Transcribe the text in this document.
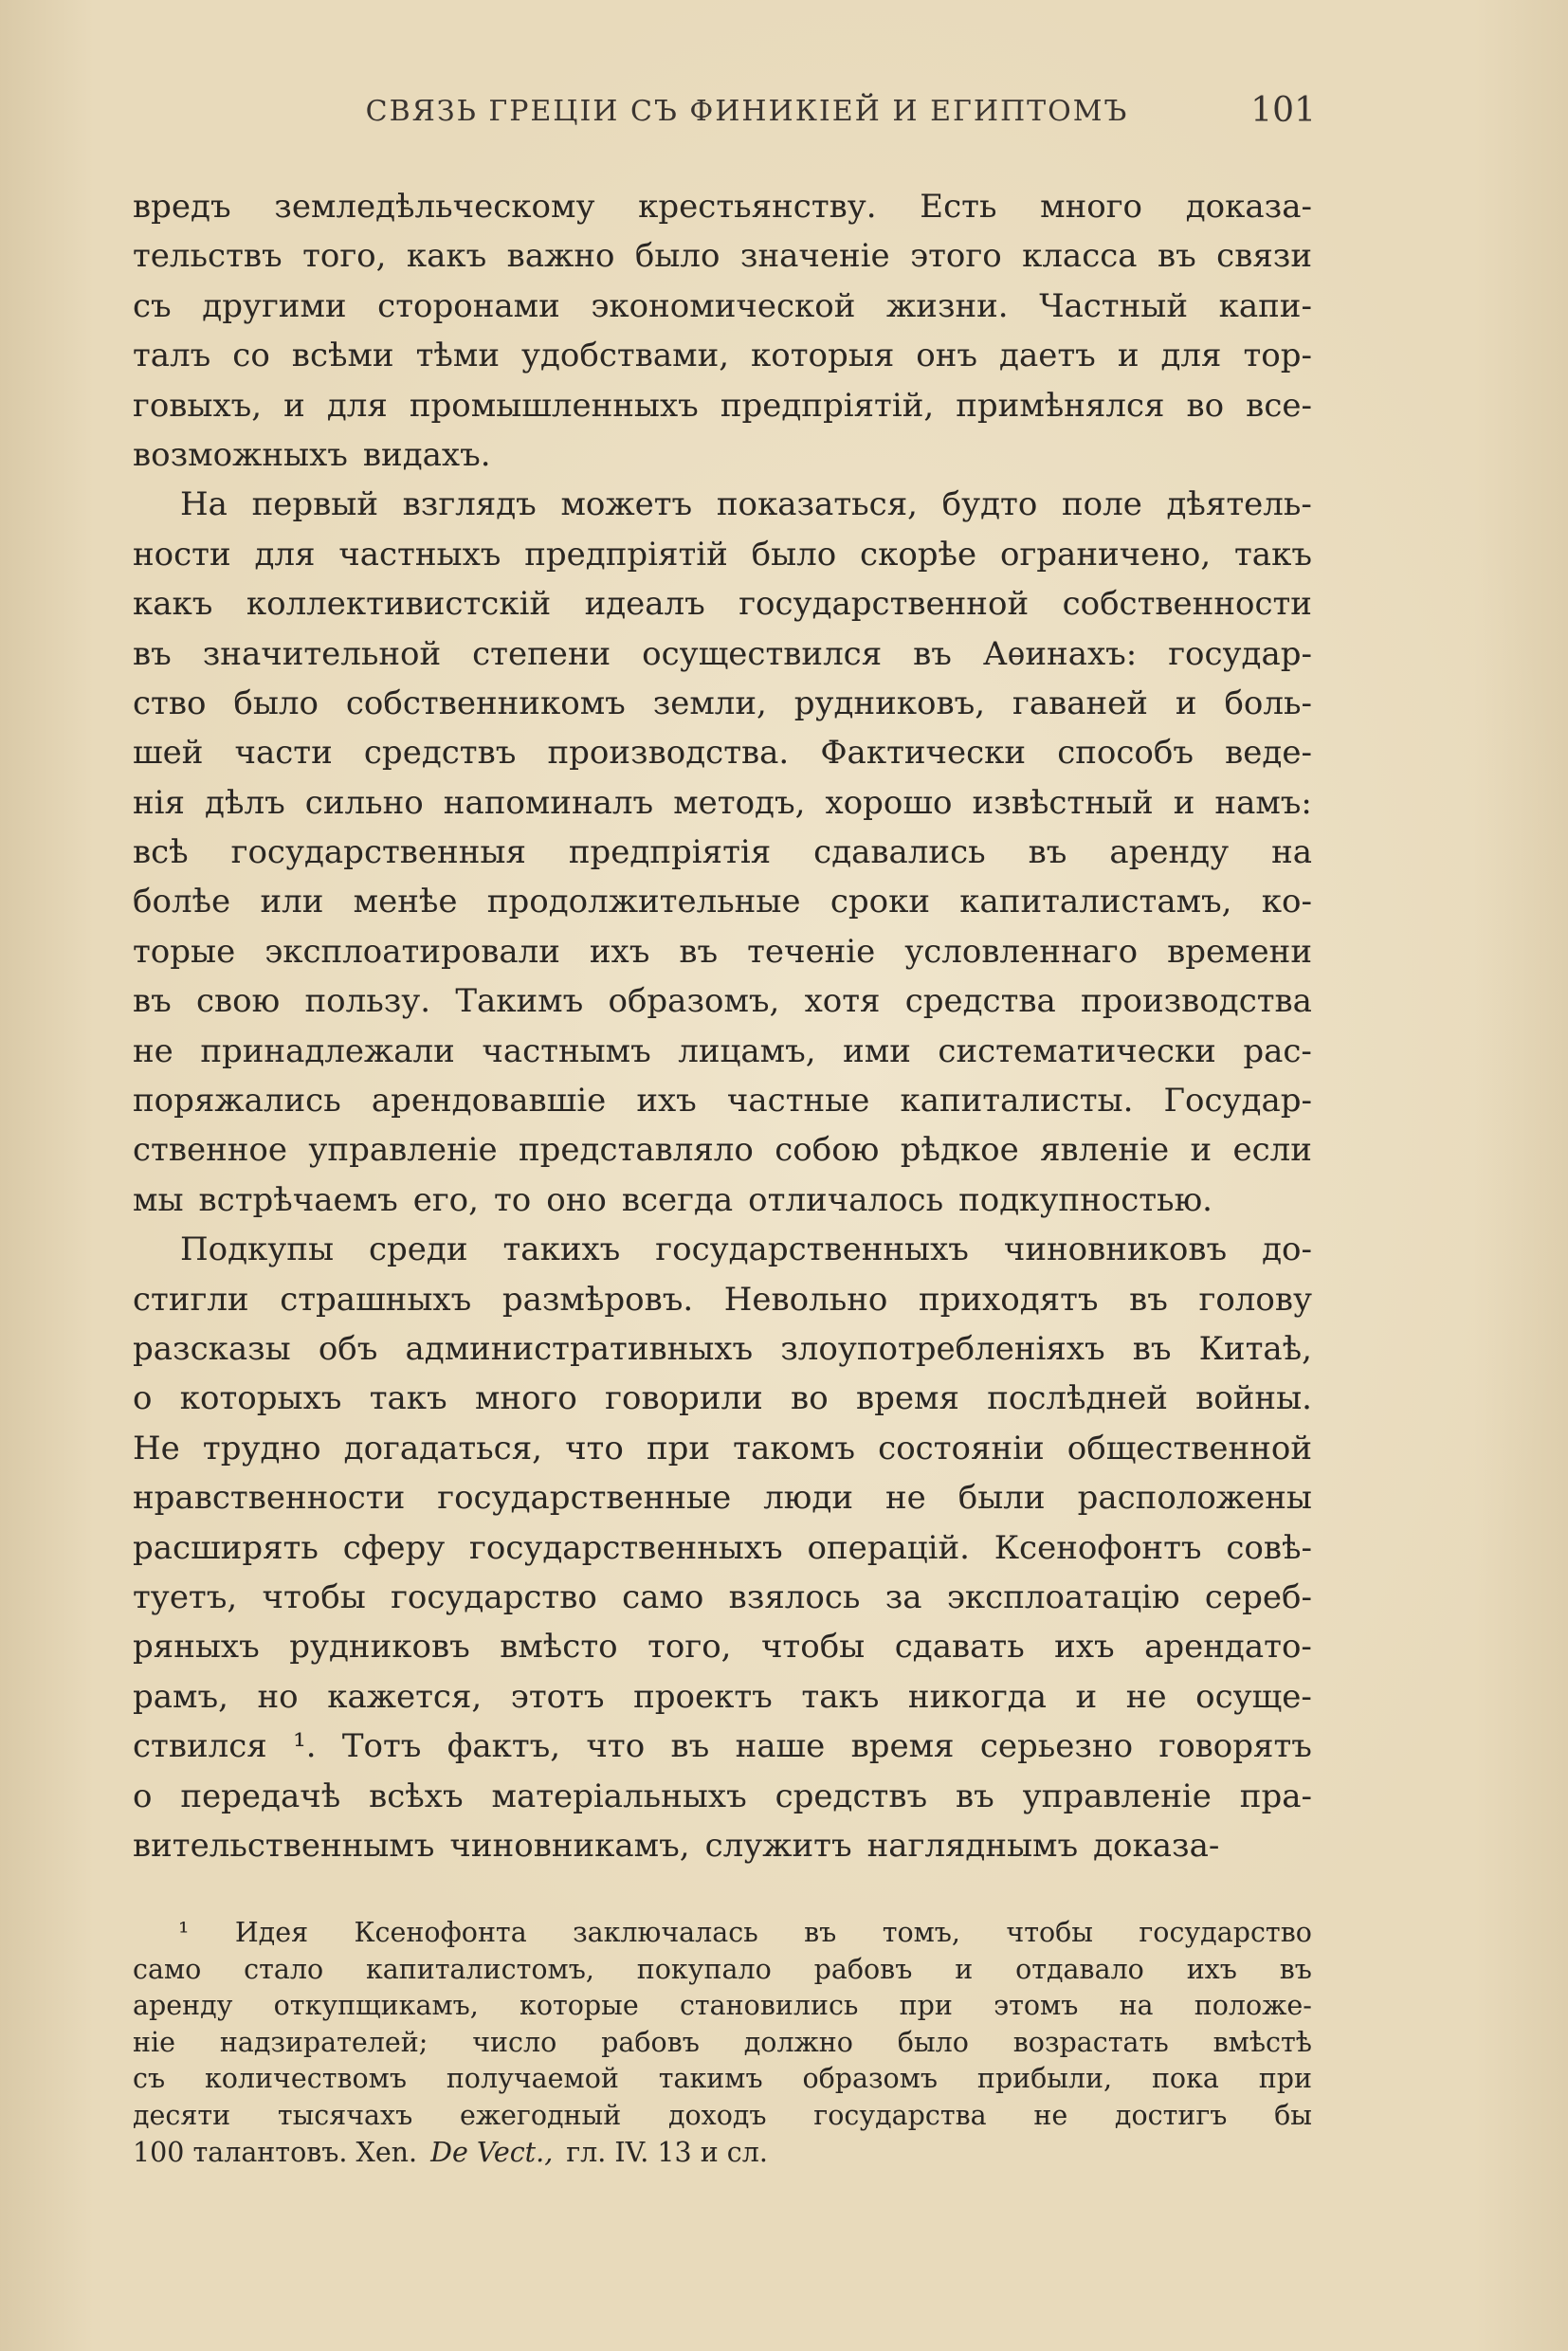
СВЯЗЬ ГРЕЦІИ СЪ ФИНИКІЕЙ И ЕГИПТОМЪ	101
вредъ земледѣльческому крестьянству. Есть много доказа-
тельствъ того, какъ важно было значеніе этого класса въ связи
съ другими сторонами экономической жизни. Частный капи-
талъ со всѣми тѣми удобствами, которыя онъ даетъ и для тор-
говыхъ, и для промышленныхъ предпріятій, примѣнялся во все-
возможныхъ видахъ.
На первый взглядъ можетъ показаться, будто поле дѣятель-
ности для частныхъ предпріятій было скорѣе ограничено, такъ
какъ коллективистскій идеалъ государственной собственности
въ значительной степени осуществился въ Аѳинахъ: государ-
ство было собственникомъ земли, рудниковъ, гаваней и боль-
шей части средствъ производства. Фактически способъ веде-
нія дѣлъ сильно напоминалъ методъ, хорошо извѣстный и намъ:
всѣ государственныя предпріятія сдавались въ аренду на
болѣе или менѣе продолжительные сроки капиталистамъ, ко-
торые эксплоатировали ихъ въ теченіе условленнаго времени
въ свою пользу. Такимъ образомъ, хотя средства производства
не принадлежали частнымъ лицамъ, ими систематически рас-
поряжались арендовавшіе ихъ частные капиталисты. Государ-
ственное управленіе представляло собою рѣдкое явленіе и если
мы встрѣчаемъ его, то оно всегда отличалось подкупностью.
Подкупы среди такихъ государственныхъ чиновниковъ до-
стигли страшныхъ размѣровъ. Невольно приходятъ въ голову
разсказы объ административныхъ злоупотребленіяхъ въ Китаѣ,
о которыхъ такъ много говорили во время послѣдней войны.
Не трудно догадаться, что при такомъ состояніи общественной
нравственности государственные люди не были расположены
расширять сферу государственныхъ операцій. Ксенофонтъ совѣ-
туетъ, чтобы государство само взялось за эксплоатацію сереб-
ряныхъ рудниковъ вмѣсто того, чтобы сдавать ихъ арендато-
рамъ, но кажется, этотъ проектъ такъ никогда и не осуще-
ствился ¹. Тотъ фактъ, что въ наше время серьезно говорятъ
о передачѣ всѣхъ матеріальныхъ средствъ въ управленіе пра-
вительственнымъ чиновникамъ, служитъ нагляднымъ доказа-
¹ Идея Ксенофонта заключалась въ томъ, чтобы государство
само стало капиталистомъ, покупало рабовъ и отдавало ихъ въ
аренду откупщикамъ, которые становились при этомъ на положе-
ніе надзирателей; число рабовъ должно было возрастать вмѣстѣ
съ количествомъ получаемой такимъ образомъ прибыли, пока при
десяти тысячахъ ежегодный доходъ государства не достигъ бы
100 талантовъ. Xen. De Vect., гл. IV. 13 и сл.
